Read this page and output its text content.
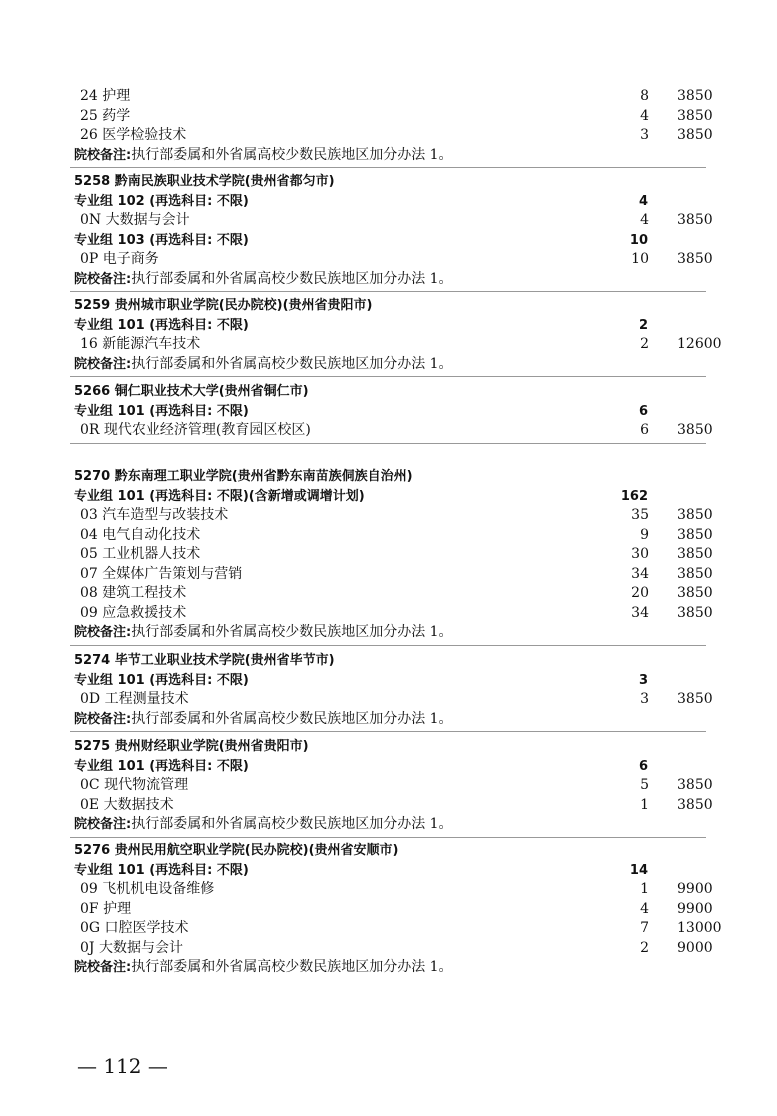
— 112 —
24 护理	8 3850
25 药学	4 3850
26 医学检验技术	3 3850
院校备注:执行部委属和外省属高校少数民族地区加分办法 1。
5258 黔南民族职业技术学院(贵州省都匀市)
专业组 102 (再选科目: 不限)	4
0N 大数据与会计	4 3850
专业组 103 (再选科目: 不限)	10
0P 电子商务	10 3850
院校备注:执行部委属和外省属高校少数民族地区加分办法 1。
5259 贵州城市职业学院(民办院校)(贵州省贵阳市)
专业组 101 (再选科目: 不限)	2
16 新能源汽车技术	2 12600
院校备注:执行部委属和外省属高校少数民族地区加分办法 1。
5266 铜仁职业技术大学(贵州省铜仁市)
专业组 101 (再选科目: 不限)	6
0R 现代农业经济管理(教育园区校区)	6 3850
5270 黔东南理工职业学院(贵州省黔东南苗族侗族自治州)
专业组 101 (再选科目: 不限)(含新增或调增计划)	162
03 汽车造型与改装技术	35 3850
04 电气自动化技术	9 3850
05 工业机器人技术	30 3850
07 全媒体广告策划与营销	34 3850
08 建筑工程技术	20 3850
09 应急救援技术	34 3850
院校备注:执行部委属和外省属高校少数民族地区加分办法 1。
5274 毕节工业职业技术学院(贵州省毕节市)
专业组 101 (再选科目: 不限)	3
0D 工程测量技术	3 3850
院校备注:执行部委属和外省属高校少数民族地区加分办法 1。
5275 贵州财经职业学院(贵州省贵阳市)
专业组 101 (再选科目: 不限)	6
0C 现代物流管理	5 3850
0E 大数据技术	1 3850
院校备注:执行部委属和外省属高校少数民族地区加分办法 1。
5276 贵州民用航空职业学院(民办院校)(贵州省安顺市)
专业组 101 (再选科目: 不限)	14
09 飞机机电设备维修	1 9900
0F 护理	4 9900
0G 口腔医学技术	7 13000
0J 大数据与会计	2 9000
院校备注:执行部委属和外省属高校少数民族地区加分办法 1。
